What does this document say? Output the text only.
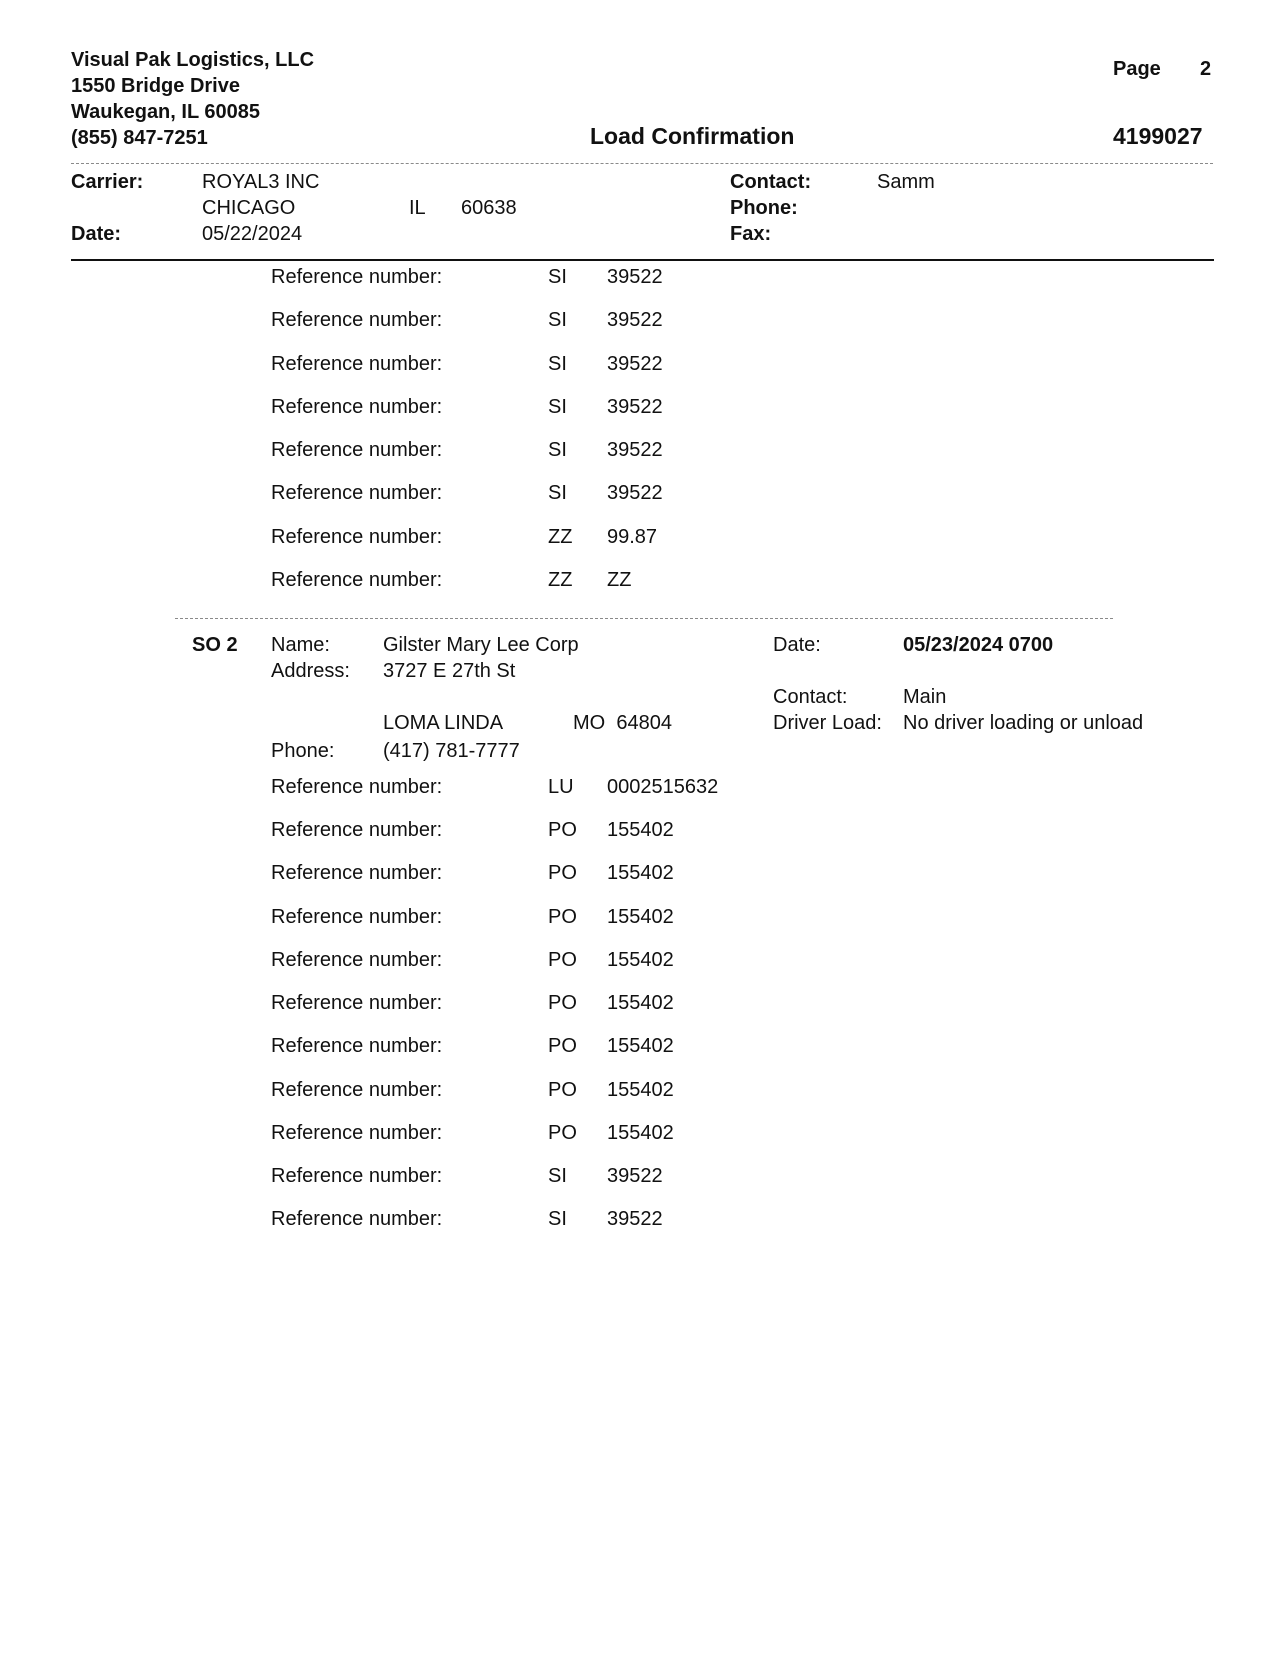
Visual Pak Logistics, LLC
1550 Bridge Drive
Waukegan, IL 60085
(855) 847-7251
Page 2
Load Confirmation	4199027
Carrier:	ROYAL3 INC
CHICAGO	IL 60638
Date:	05/22/2024
Contact:	Samm
Phone:
Fax:
Reference number:	SI 39522
Reference number:	SI 39522
Reference number:	SI 39522
Reference number:	SI 39522
Reference number:	SI 39522
Reference number:	SI 39522
Reference number:	ZZ 99.87
Reference number:	ZZ ZZ
SO 2 Name:	Gilster Mary Lee Corp
Address: 3727 E 27th St
LOMA LINDA	MO  64804
Phone: (417) 781-7777
Date:	05/23/2024 0700
Contact:	Main
Driver Load: No driver loading or unload
Reference number:	LU 0002515632
Reference number:	PO 155402
Reference number:	PO 155402
Reference number:	PO 155402
Reference number:	PO 155402
Reference number:	PO 155402
Reference number:	PO 155402
Reference number:	PO 155402
Reference number:	PO 155402
Reference number:	SI 39522
Reference number:	SI 39522
